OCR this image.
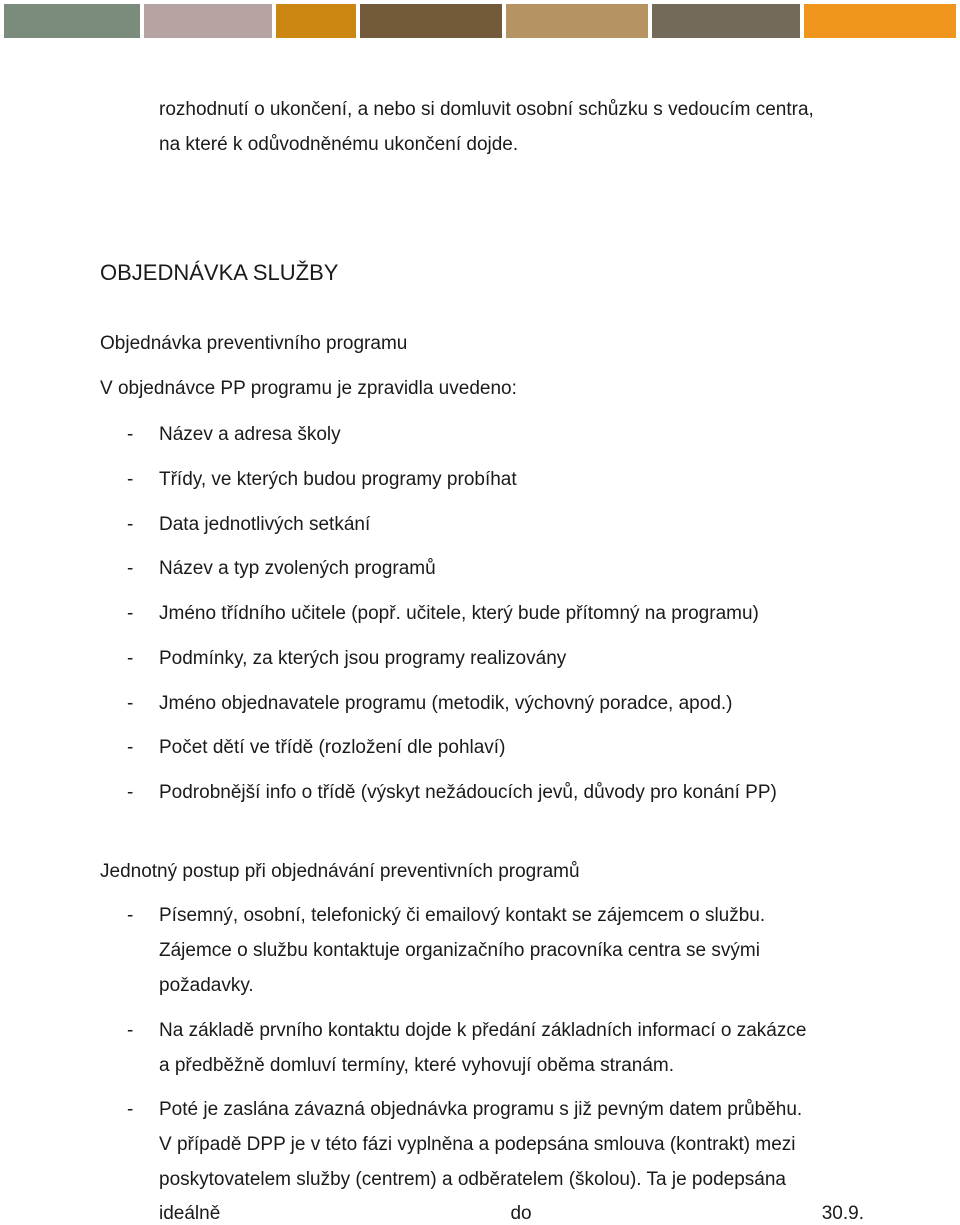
rozhodnutí o ukončení, a nebo si domluvit osobní schůzku s vedoucím centra,
na které k odůvodněnému ukončení dojde.
OBJEDNÁVKA SLUŽBY
Objednávka preventivního programu
V objednávce PP programu je zpravidla uvedeno:
- Název a adresa školy
- Třídy, ve kterých budou programy probíhat
- Data jednotlivých setkání
- Název a typ zvolených programů
- Jméno třídního učitele (popř. učitele, který bude přítomný na programu)
- Podmínky, za kterých jsou programy realizovány
- Jméno objednavatele programu (metodik, výchovný poradce, apod.)
- Počet dětí ve třídě (rozložení dle pohlaví)
- Podrobnější info o třídě (výskyt nežádoucích jevů, důvody pro konání PP)
Jednotný postup při objednávání preventivních programů
- Písemný, osobní, telefonický či emailový kontakt se zájemcem o službu.
Zájemce o službu kontaktuje organizačního pracovníka centra se svými
požadavky.
- Na základě prvního kontaktu dojde k předání základních informací o zakázce
a předběžně domluví termíny, které vyhovují oběma stranám.
- Poté je zaslána závazná objednávka programu s již pevným datem průběhu.
V případě DPP je v této fázi vyplněna a podepsána smlouva (kontrakt) mezi
poskytovatelem služby (centrem) a odběratelem (školou). Ta je podepsána
ideálně	do	30.9.
